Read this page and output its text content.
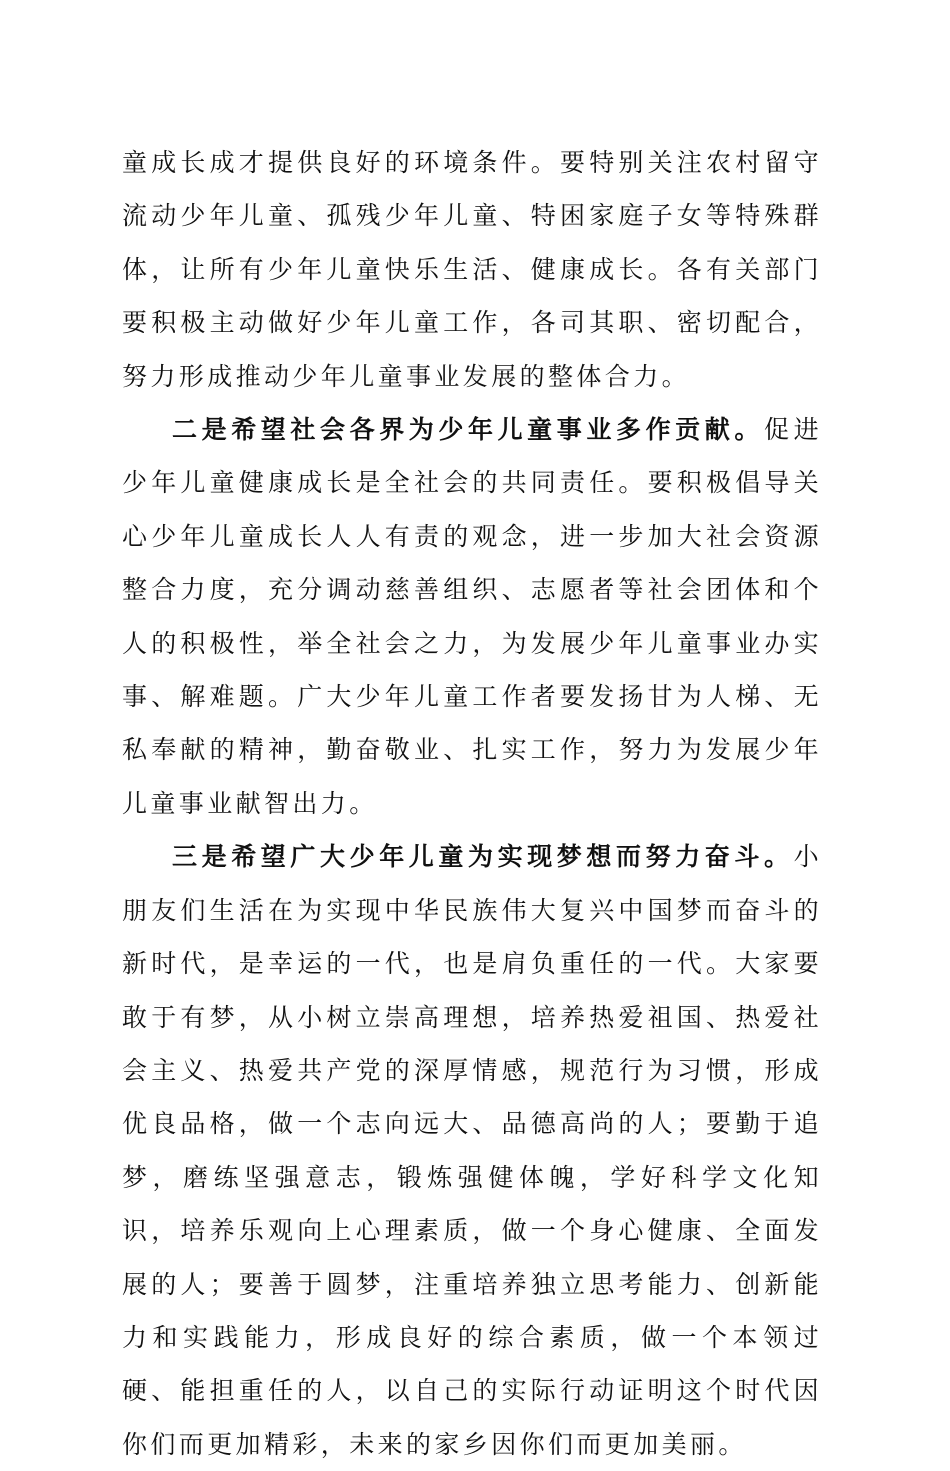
童成长成才提供良好的环境条件。要特别关注农村留守流动少年儿童、孤残少年儿童、特困家庭子女等特殊群体，让所有少年儿童快乐生活、健康成长。各有关部门要积极主动做好少年儿童工作，各司其职、密切配合，努力形成推动少年儿童事业发展的整体合力。

二是希望社会各界为少年儿童事业多作贡献。促进少年儿童健康成长是全社会的共同责任。要积极倡导关心少年儿童成长人人有责的观念，进一步加大社会资源整合力度，充分调动慈善组织、志愿者等社会团体和个人的积极性，举全社会之力，为发展少年儿童事业办实事、解难题。广大少年儿童工作者要发扬甘为人梯、无私奉献的精神，勤奋敬业、扎实工作，努力为发展少年儿童事业献智出力。

三是希望广大少年儿童为实现梦想而努力奋斗。小朋友们生活在为实现中华民族伟大复兴中国梦而奋斗的新时代，是幸运的一代，也是肩负重任的一代。大家要敢于有梦，从小树立崇高理想，培养热爱祖国、热爱社会主义、热爱共产党的深厚情感，规范行为习惯，形成优良品格，做一个志向远大、品德高尚的人；要勤于追梦，磨练坚强意志，锻炼强健体魄，学好科学文化知识，培养乐观向上心理素质，做一个身心健康、全面发展的人；要善于圆梦，注重培养独立思考能力、创新能力和实践能力，形成良好的综合素质，做一个本领过硬、能担重任的人，以自己的实际行动证明这个时代因你们而更加精彩，未来的家乡因你们而更加美丽。
